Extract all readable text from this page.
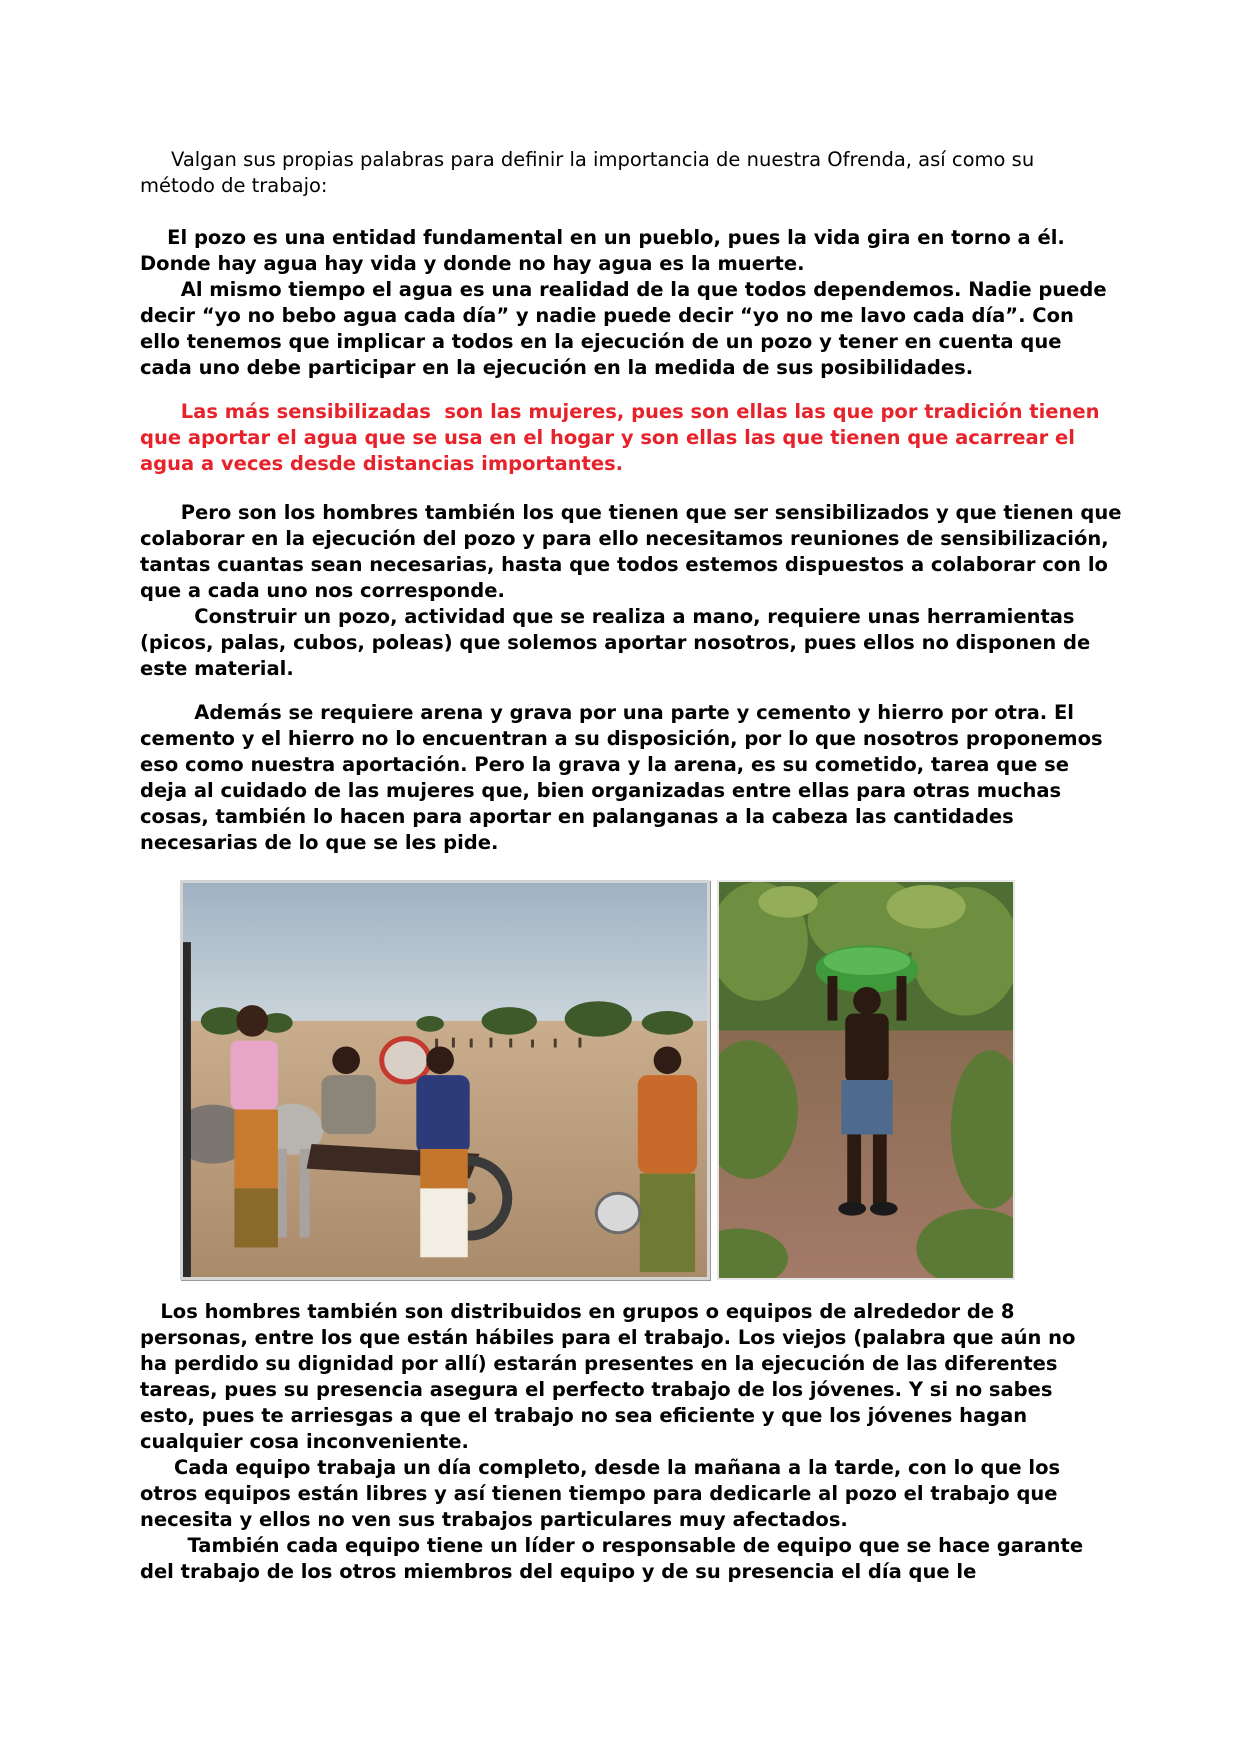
Valgan sus propias palabras para definir la importancia de nuestra Ofrenda, así como su
método de trabajo:

El pozo es una entidad fundamental en un pueblo, pues la vida gira en torno a él.
Donde hay agua hay vida y donde no hay agua es la muerte.
Al mismo tiempo el agua es una realidad de la que todos dependemos. Nadie puede
decir “yo no bebo agua cada día” y nadie puede decir “yo no me lavo cada día”. Con
ello tenemos que implicar a todos en la ejecución de un pozo y tener en cuenta que
cada uno debe participar en la ejecución en la medida de sus posibilidades.

Las más sensibilizadas  son las mujeres, pues son ellas las que por tradición tienen
que aportar el agua que se usa en el hogar y son ellas las que tienen que acarrear el
agua a veces desde distancias importantes.

Pero son los hombres también los que tienen que ser sensibilizados y que tienen que
colaborar en la ejecución del pozo y para ello necesitamos reuniones de sensibilización,
tantas cuantas sean necesarias, hasta que todos estemos dispuestos a colaborar con lo
que a cada uno nos corresponde.
Construir un pozo, actividad que se realiza a mano, requiere unas herramientas
(picos, palas, cubos, poleas) que solemos aportar nosotros, pues ellos no disponen de
este material.

Además se requiere arena y grava por una parte y cemento y hierro por otra. El
cemento y el hierro no lo encuentran a su disposición, por lo que nosotros proponemos
eso como nuestra aportación. Pero la grava y la arena, es su cometido, tarea que se
deja al cuidado de las mujeres que, bien organizadas entre ellas para otras muchas
cosas, también lo hacen para aportar en palanganas a la cabeza las cantidades
necesarias de lo que se les pide.

Los hombres también son distribuidos en grupos o equipos de alrededor de 8
personas, entre los que están hábiles para el trabajo. Los viejos (palabra que aún no
ha perdido su dignidad por allí) estarán presentes en la ejecución de las diferentes
tareas, pues su presencia asegura el perfecto trabajo de los jóvenes. Y si no sabes
esto, pues te arriesgas a que el trabajo no sea eficiente y que los jóvenes hagan
cualquier cosa inconveniente.
Cada equipo trabaja un día completo, desde la mañana a la tarde, con lo que los
otros equipos están libres y así tienen tiempo para dedicarle al pozo el trabajo que
necesita y ellos no ven sus trabajos particulares muy afectados.
También cada equipo tiene un líder o responsable de equipo que se hace garante
del trabajo de los otros miembros del equipo y de su presencia el día que le
